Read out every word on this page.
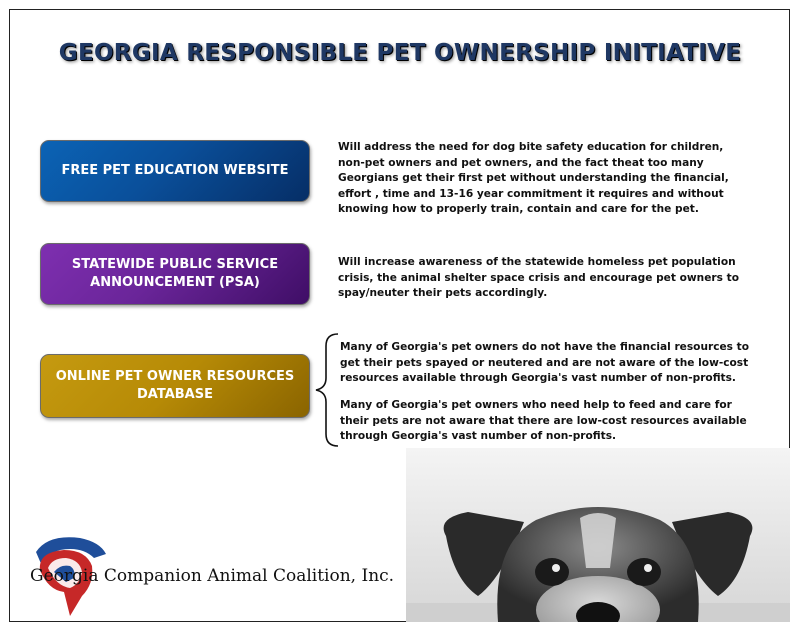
GEORGIA RESPONSIBLE PET OWNERSHIP INITIATIVE
FREE PET EDUCATION WEBSITE

Will address the need for dog bite safety education for children, non-pet owners and pet owners, and the fact theat too many Georgians get their first pet without understanding the financial, effort , time and 13-16 year commitment it requires and without knowing how to properly train, contain and care for the pet.

STATEWIDE PUBLIC SERVICE ANNOUNCEMENT (PSA)

Will increase awareness of the statewide homeless pet population crisis, the animal shelter space crisis and encourage pet owners to spay/neuter their pets accordingly.

ONLINE PET OWNER RESOURCES DATABASE

Many of Georgia's pet owners do not have the financial resources to get their pets spayed or neutered and are not aware of the low-cost resources available through Georgia's vast number of non-profits.

Many of Georgia's pet owners who need help to feed and care for their pets are not aware that there are low-cost resources available through Georgia's vast number of non-profits.

Georgia Companion Animal Coalition, Inc.
